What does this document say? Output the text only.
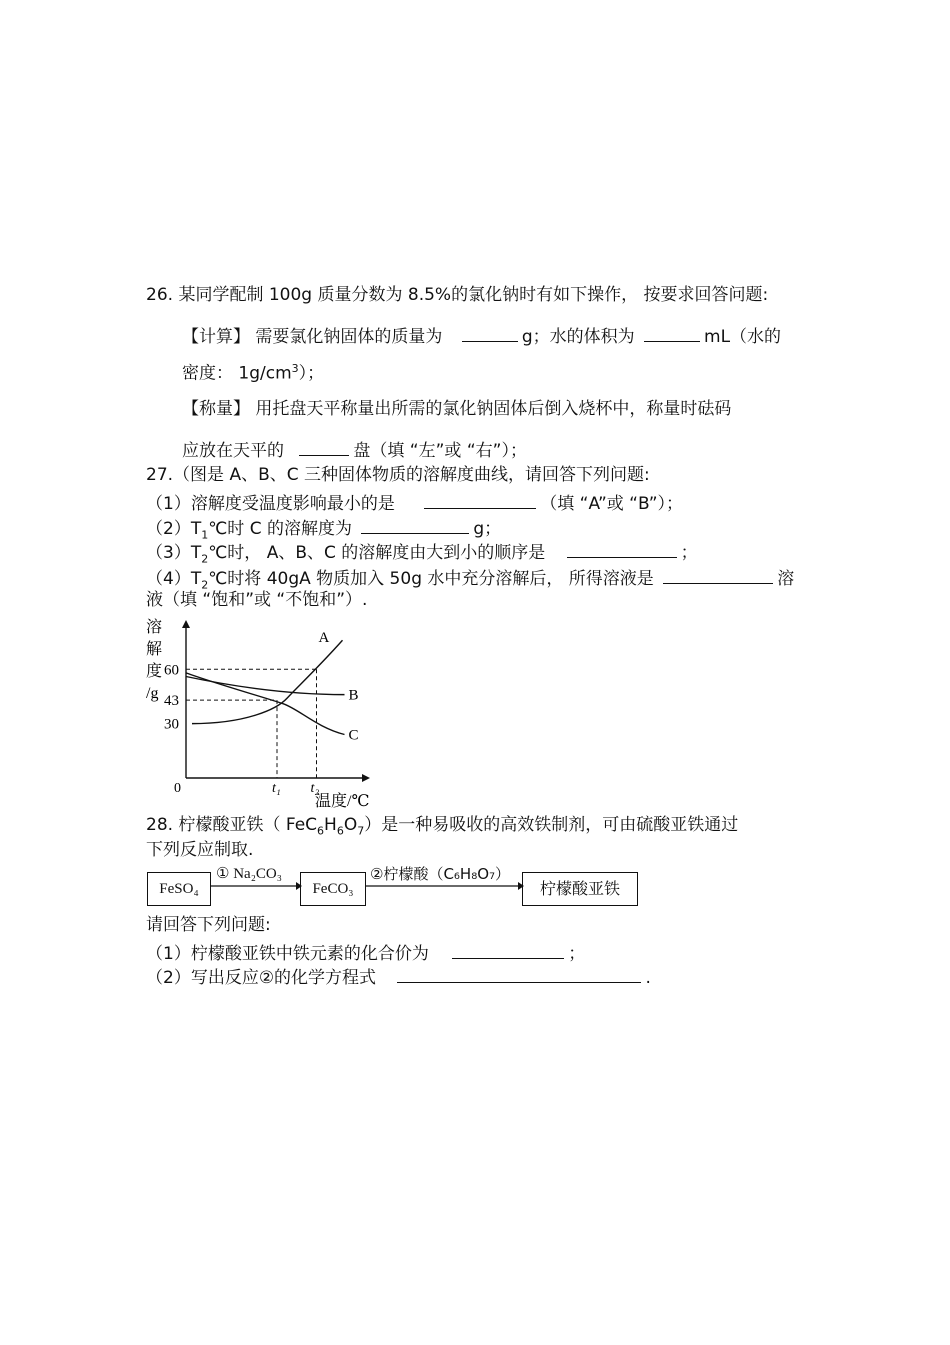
26. 某同学配制 100g 质量分数为 8.5%的氯化钠时有如下操作， 按要求回答问题:
【计算】 需要氯化钠固体的质量为	g；水的体积为	mL（水的
密度： $1g/cm^3$）；
【称量】 用托盘天平称量出所需的氯化钠固体后倒入烧杯中，称量时砝码
应放在天平的	盘（填 “左”或 “右”）；
27.（图是 A、B、C 三种固体物质的溶解度曲线，请回答下列问题:
（1）溶解度受温度影响最小的是	（填 “A”或 “B”）；
$(2)T_1℃$时 C 的溶解度为	g；
$(3)T_2℃$时， A、B、C 的溶解度由大到小的顺序是	；
$(4)T_2℃$时将 40gA 物质加入 50g 水中充分溶解后， 所得溶液是	溶
液（填 “饱和”或 “不饱和”）.
溶
解
度
/g
60
43
30
0	t₁ t₂
温度/℃
A
B
C
28. 柠檬酸亚铁（ $FeC_6H_6O_7$）是一种易吸收的高效铁制剂，可由硫酸亚铁通过
下列反应制取.
FeSO₄
① Na₂CO₃
FeCO₃
②柠檬酸（C₆H₈O₇）
柠檬酸亚铁
请回答下列问题:
（1）柠檬酸亚铁中铁元素的化合价为	；
（2）写出反应②的化学方程式	.
